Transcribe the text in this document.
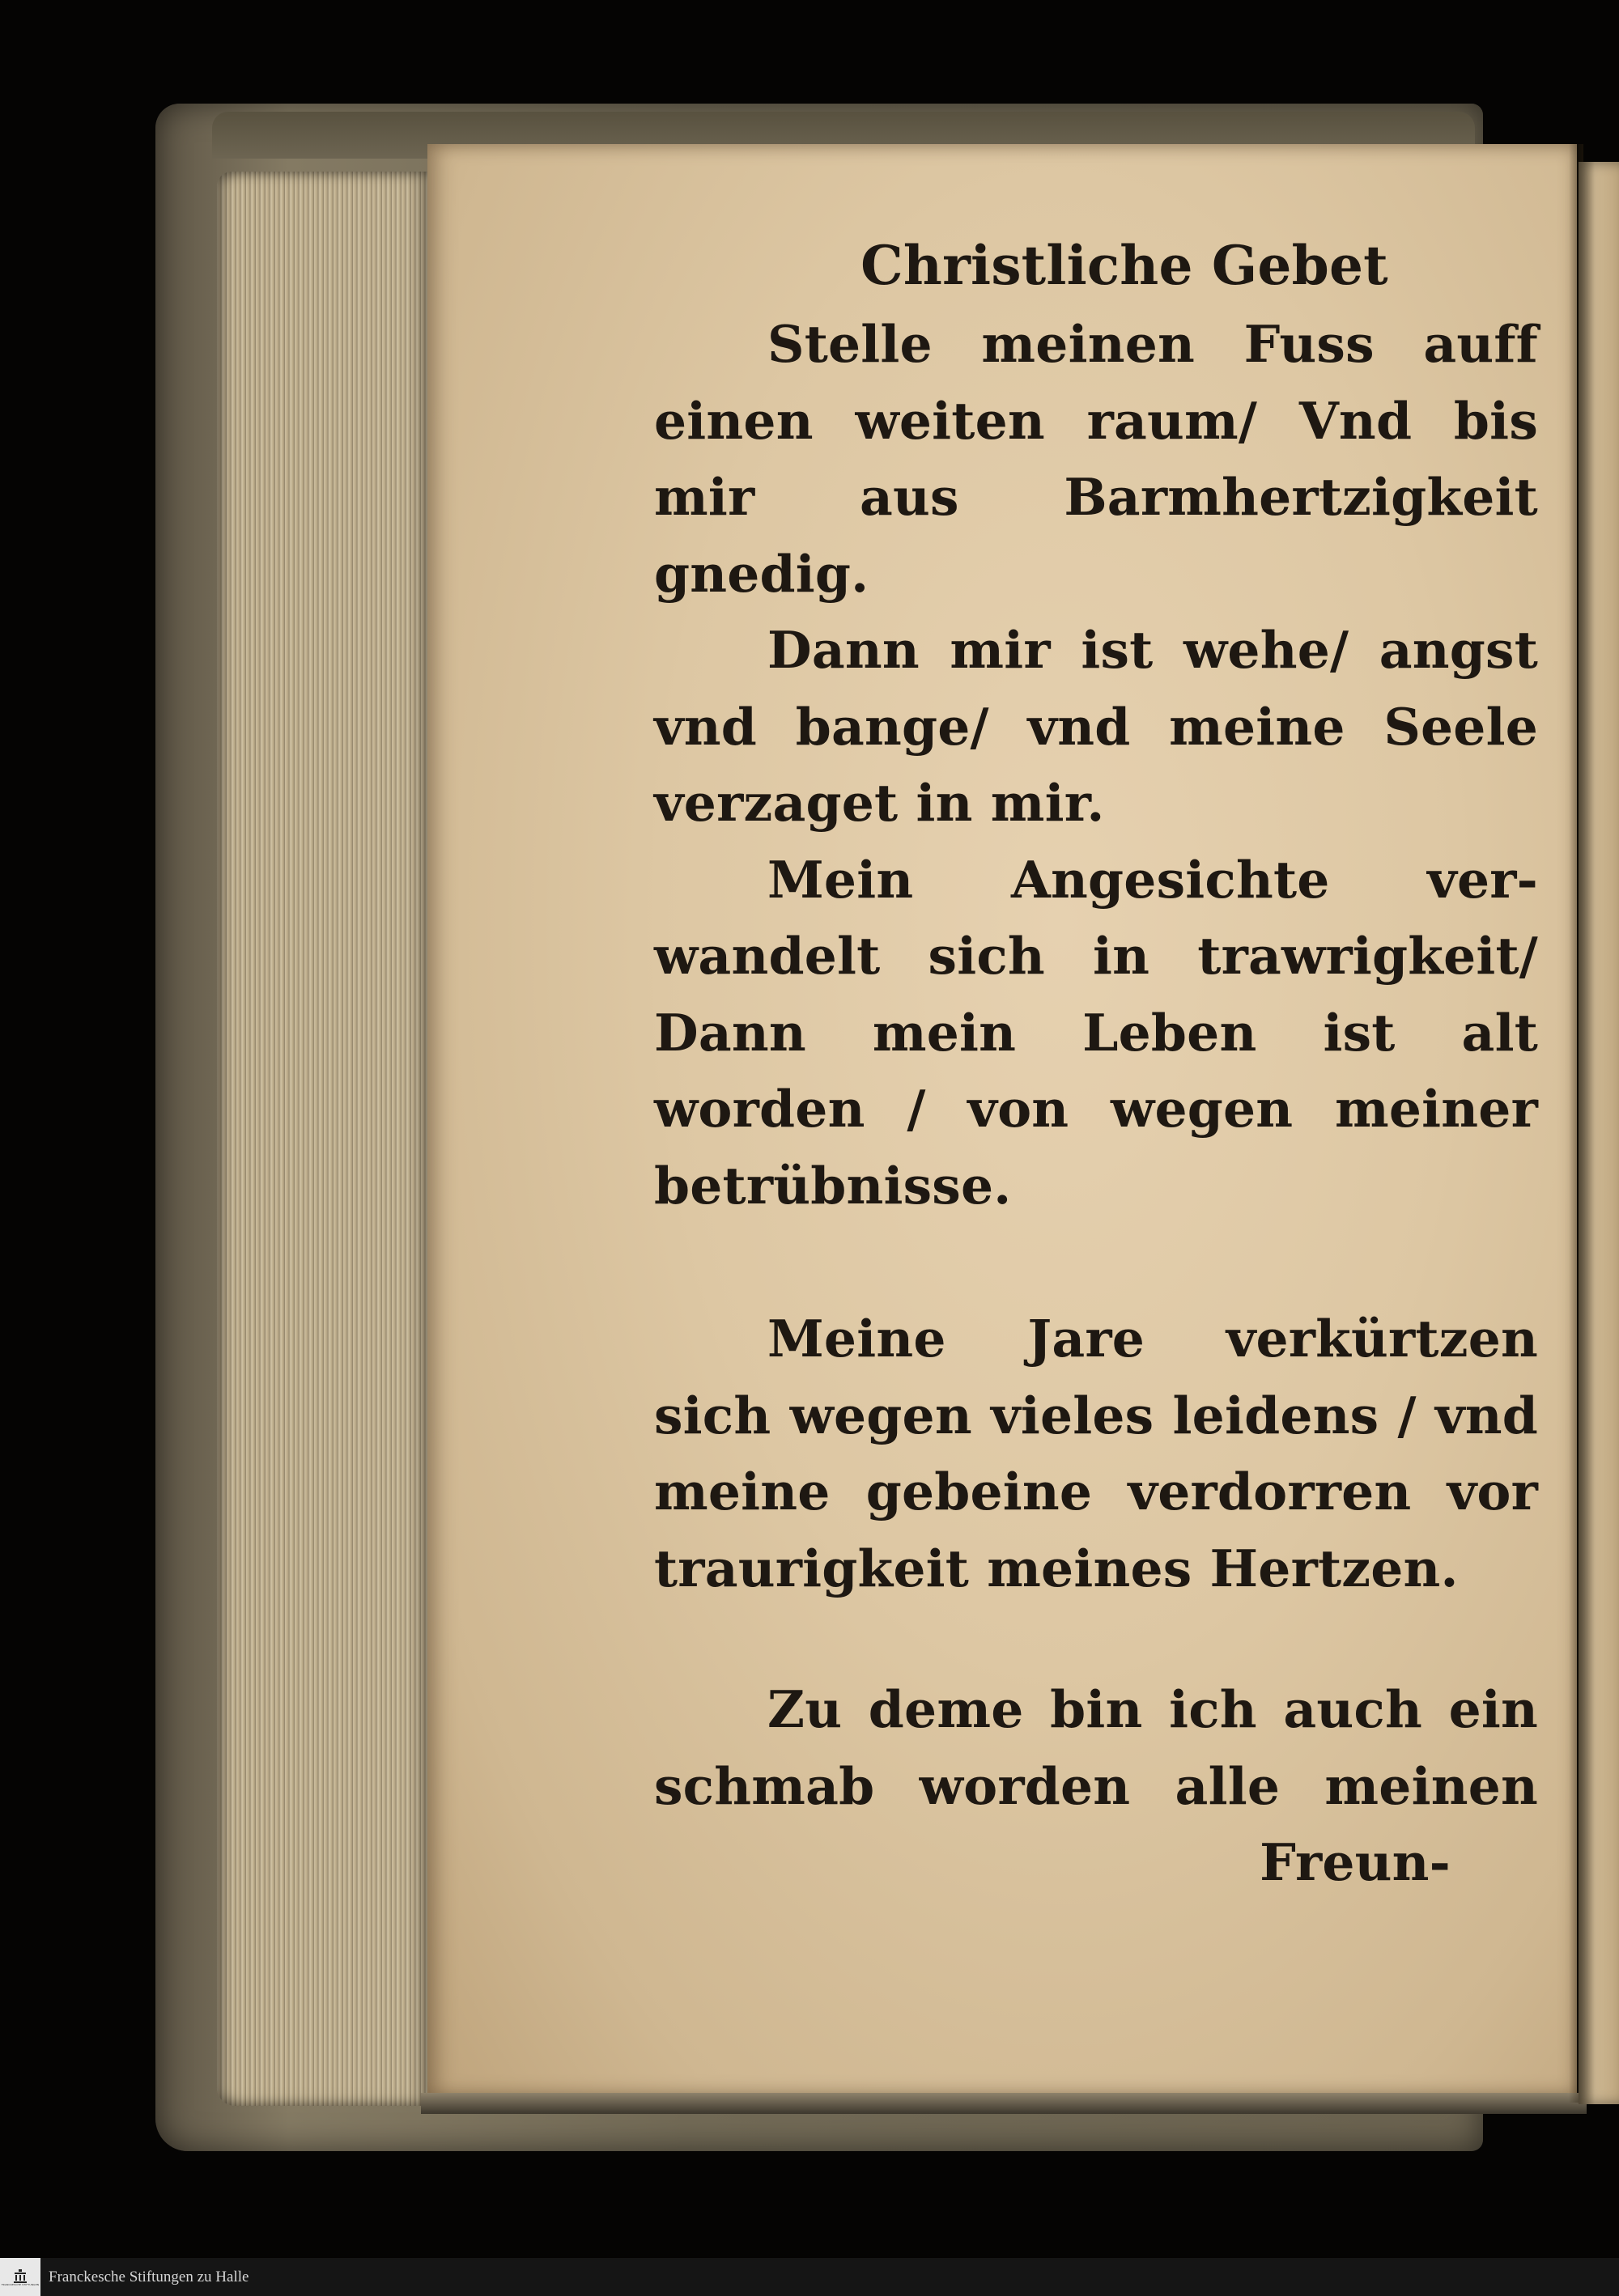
Christliche Gebet

Stelle meinen Fuss auff
einen weiten raum/ Vnd bis
mir aus Barmhertzigkeit
gnedig.
Dann mir ist wehe/ angst
vnd bange/ vnd meine Seele
verzaget in mir.
Mein Angesichte ver-
wandelt sich in trawrigkeit/
Dann mein Leben ist alt
worden / von wegen meiner
betrübnisse.
Meine Jare verkürtzen
sich wegen vieles leidens / vnd
meine gebeine verdorren vor
traurigkeit meines Hertzen.
Zu deme bin ich auch ein
schmab worden alle meinen
Freun-
FRANCKESCHE STIFTUNGEN Franckesche Stiftungen zu Halle
